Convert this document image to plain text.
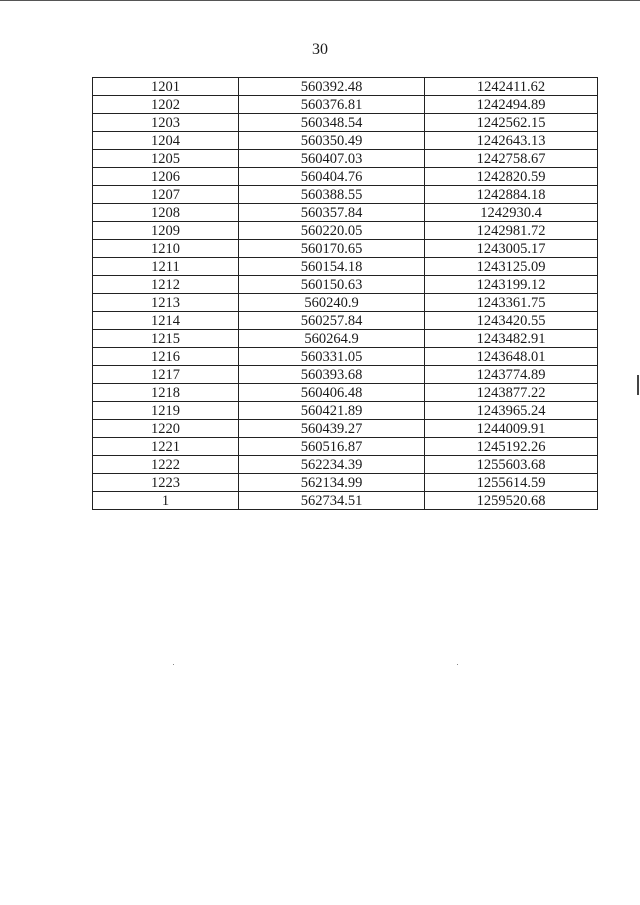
30
1201	560392.48	1242411.62
1202	560376.81	1242494.89
1203	560348.54	1242562.15
1204	560350.49	1242643.13
1205	560407.03	1242758.67
1206	560404.76	1242820.59
1207	560388.55	1242884.18
1208	560357.84	1242930.4
1209	560220.05	1242981.72
1210	560170.65	1243005.17
1211	560154.18	1243125.09
1212	560150.63	1243199.12
1213	560240.9	1243361.75
1214	560257.84	1243420.55
1215	560264.9	1243482.91
1216	560331.05	1243648.01
1217	560393.68	1243774.89
1218	560406.48	1243877.22
1219	560421.89	1243965.24
1220	560439.27	1244009.91
1221	560516.87	1245192.26
1222	562234.39	1255603.68
1223	562134.99	1255614.59
1	562734.51	1259520.68
